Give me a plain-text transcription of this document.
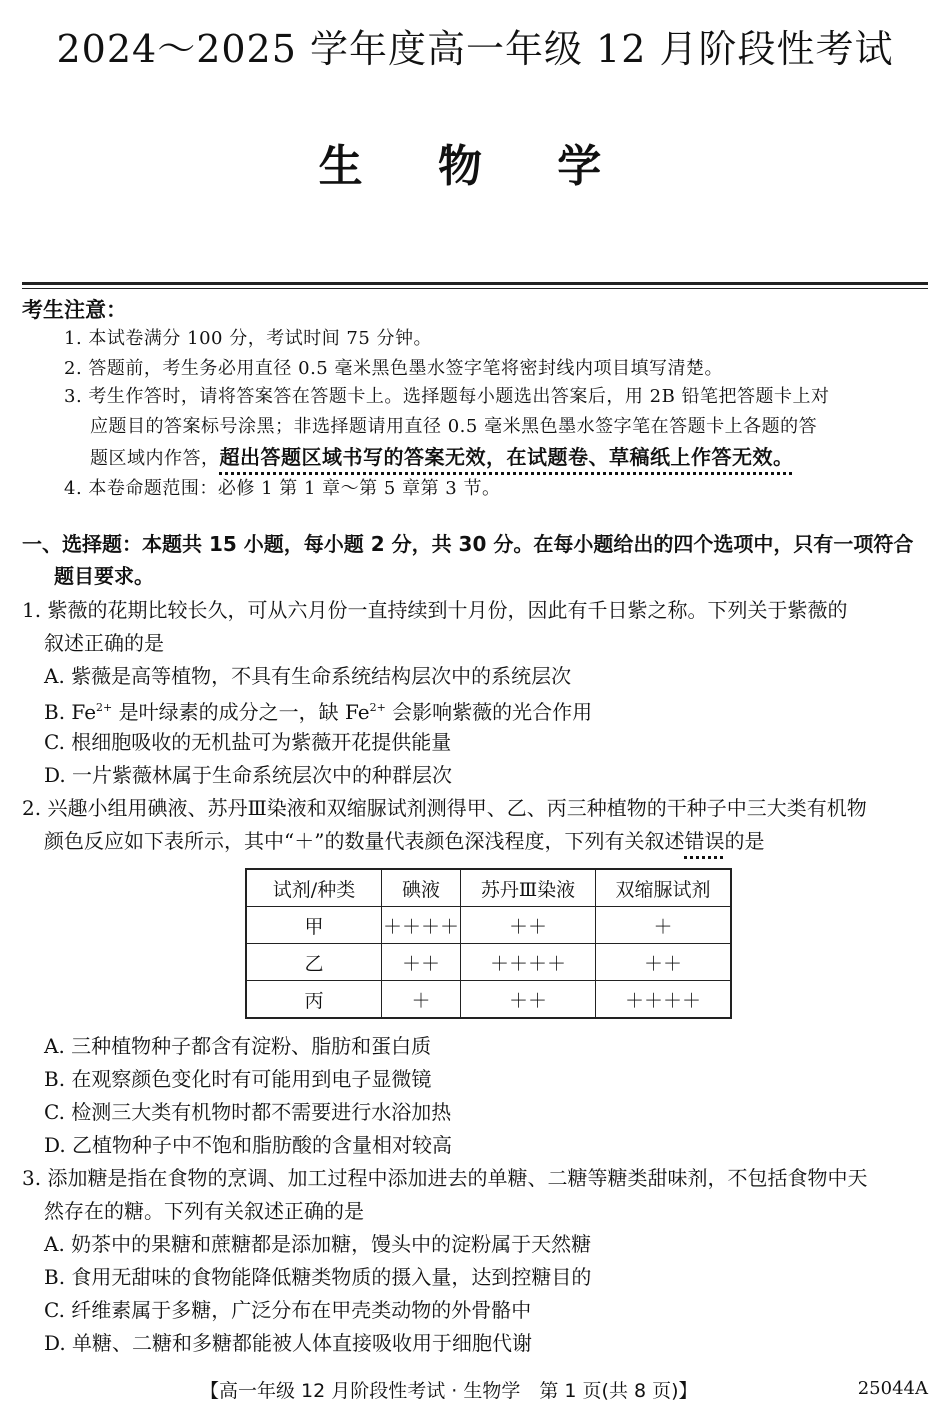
2024～2025 学年度高一年级 12 月阶段性考试
生 物 学
考生注意：
1. 本试卷满分 100 分，考试时间 75 分钟。
2. 答题前，考生务必用直径 0.5 毫米黑色墨水签字笔将密封线内项目填写清楚。
3. 考生作答时，请将答案答在答题卡上。选择题每小题选出答案后，用 2B 铅笔把答题卡上对
应题目的答案标号涂黑；非选择题请用直径 0.5 毫米黑色墨水签字笔在答题卡上各题的答
题区域内作答，超出答题区域书写的答案无效，在试题卷、草稿纸上作答无效。
4. 本卷命题范围：必修 1 第 1 章～第 5 章第 3 节。
一、选择题：本题共 15 小题，每小题 2 分，共 30 分。在每小题给出的四个选项中，只有一项符合
题目要求。
1. 紫薇的花期比较长久，可从六月份一直持续到十月份，因此有千日紫之称。下列关于紫薇的
叙述正确的是
A. 紫薇是高等植物，不具有生命系统结构层次中的系统层次
B. $Fe^{2+}$ 是叶绿素的成分之一，缺 $Fe^{2+}$ 会影响紫薇的光合作用
C. 根细胞吸收的无机盐可为紫薇开花提供能量
D. 一片紫薇林属于生命系统层次中的种群层次
2. 兴趣小组用碘液、苏丹Ⅲ染液和双缩脲试剂测得甲、乙、丙三种植物的干种子中三大类有机物
颜色反应如下表所示，其中“＋”的数量代表颜色深浅程度，下列有关叙述错误的是
试剂/种类	碘液	苏丹Ⅲ染液	双缩脲试剂
甲	＋＋＋＋	＋＋	＋
乙	＋＋	＋＋＋＋	＋＋
丙	＋	＋＋	＋＋＋＋
A. 三种植物种子都含有淀粉、脂肪和蛋白质
B. 在观察颜色变化时有可能用到电子显微镜
C. 检测三大类有机物时都不需要进行水浴加热
D. 乙植物种子中不饱和脂肪酸的含量相对较高
3. 添加糖是指在食物的烹调、加工过程中添加进去的单糖、二糖等糖类甜味剂，不包括食物中天
然存在的糖。下列有关叙述正确的是
A. 奶茶中的果糖和蔗糖都是添加糖，馒头中的淀粉属于天然糖
B. 食用无甜味的食物能降低糖类物质的摄入量，达到控糖目的
C. 纤维素属于多糖，广泛分布在甲壳类动物的外骨骼中
D. 单糖、二糖和多糖都能被人体直接吸收用于细胞代谢
【高一年级 12 月阶段性考试 · 生物学　第 1 页(共 8 页)】	25044A
